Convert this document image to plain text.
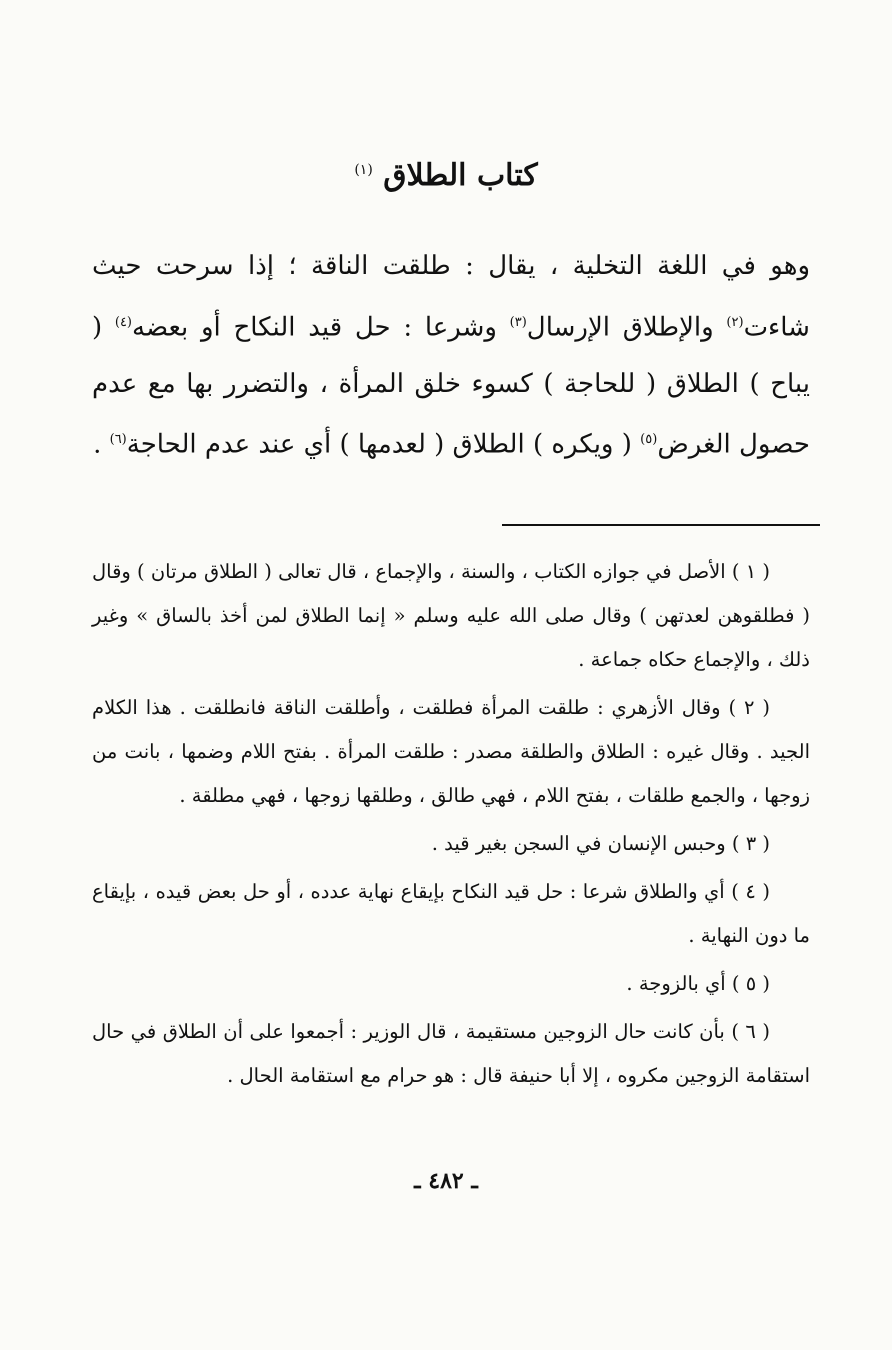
كتاب الطلاق $^{(١)}$
وهو في اللغة التخلية ، يقال : طلقت الناقة ؛ إذا سرحت حيث شاءت$^{(٢)}$ والإطلاق الإرسال$^{(٣)}$ وشرعا : حل قيد النكاح أو بعضه$^{(٤)}$ ( يباح ) الطلاق ( للحاجة ) كسوء خلق المرأة ، والتضرر بها مع عدم حصول الغرض$^{(٥)}$ ( ويكره ) الطلاق ( لعدمها ) أي عند عدم الحاجة$^{(٦)}$ .

( ١ ) الأصل في جوازه الكتاب ، والسنة ، والإجماع ، قال تعالى ( الطلاق مرتان ) وقال ( فطلقوهن لعدتهن ) وقال صلى الله عليه وسلم « إنما الطلاق لمن أخذ بالساق » وغير ذلك ، والإجماع حكاه جماعة .

( ٢ ) وقال الأزهري : طلقت المرأة فطلقت ، وأطلقت الناقة فانطلقت . هذا الكلام الجيد . وقال غيره : الطلاق والطلقة مصدر : طلقت المرأة . بفتح اللام وضمها ، بانت من زوجها ، والجمع طلقات ، بفتح اللام ، فهي طالق ، وطلقها زوجها ، فهي مطلقة .

( ٣ ) وحبس الإنسان في السجن بغير قيد .

( ٤ ) أي والطلاق شرعا : حل قيد النكاح بإيقاع نهاية عدده ، أو حل بعض قيده ، بإيقاع ما دون النهاية .

( ٥ ) أي بالزوجة .

( ٦ ) بأن كانت حال الزوجين مستقيمة ، قال الوزير : أجمعوا على أن الطلاق في حال استقامة الزوجين مكروه ، إلا أبا حنيفة قال : هو حرام مع استقامة الحال .

ـ ٤٨٢ ـ
